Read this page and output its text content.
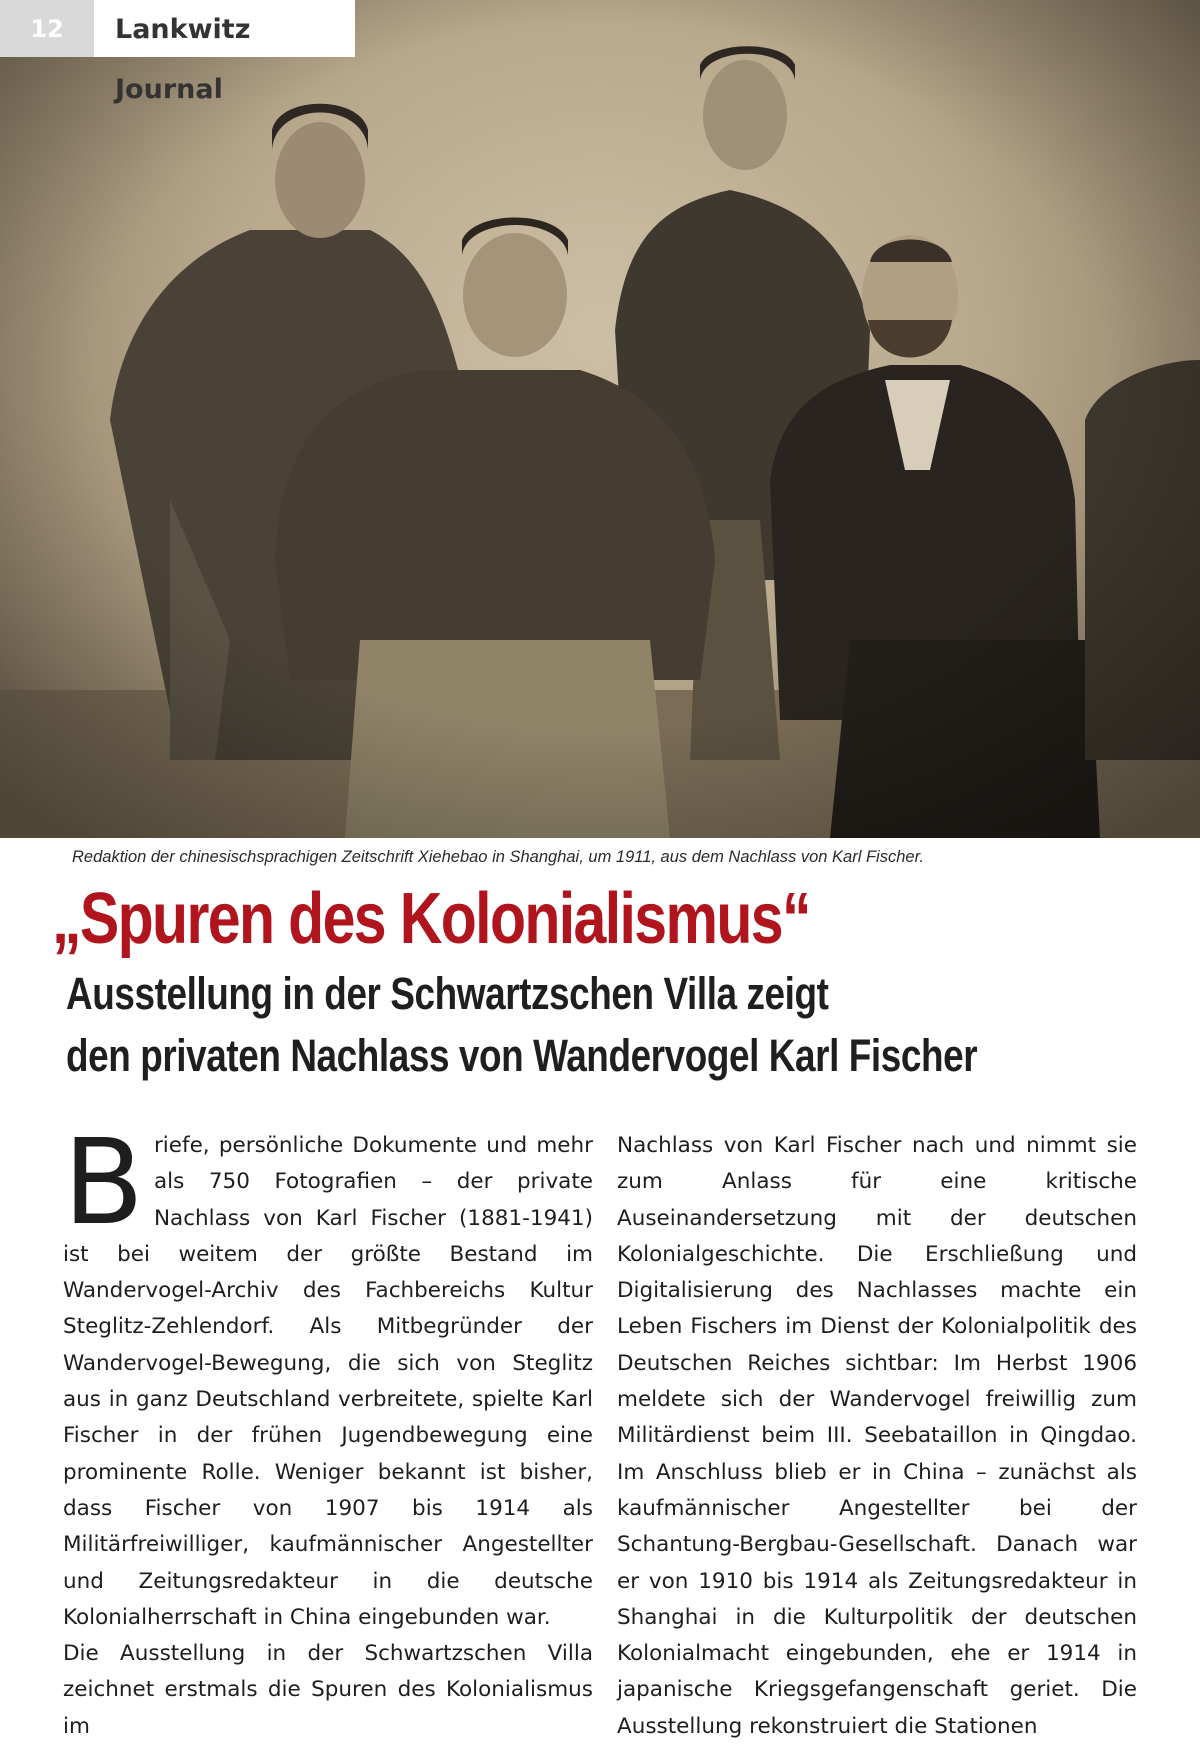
12	Lankwitz Journal
Redaktion der chinesischsprachigen Zeitschrift Xiehebao in Shanghai, um 1911, aus dem Nachlass von Karl Fischer.
„Spuren des Kolonialismus“
Ausstellung in der Schwartzschen Villa zeigt
den privaten Nachlass von Wandervogel Karl Fischer

Briefe, persönliche Dokumente und mehr als 750 Fotografien – der private Nachlass von Karl Fischer (1881-1941) ist bei weitem der größte Bestand im Wandervogel-Archiv des Fachbereichs Kultur Steglitz-Zehlendorf. Als Mitbegründer der Wandervogel-Bewegung, die sich von Steglitz aus in ganz Deutschland verbreitete, spielte Karl Fischer in der frühen Jugendbewegung eine prominente Rolle. Weniger bekannt ist bisher, dass Fischer von 1907 bis 1914 als Militärfreiwilliger, kaufmännischer Angestellter und Zeitungsredakteur in die deutsche Kolonialherrschaft in China eingebunden war.

Die Ausstellung in der Schwartzschen Villa zeichnet erstmals die Spuren des Kolonialismus im

Nachlass von Karl Fischer nach und nimmt sie zum Anlass für eine kritische Auseinandersetzung mit der deutschen Kolonialgeschichte. Die Erschließung und Digitalisierung des Nachlasses machte ein Leben Fischers im Dienst der Kolonialpolitik des Deutschen Reiches sichtbar: Im Herbst 1906 meldete sich der Wandervogel freiwillig zum Militärdienst beim III. Seebataillon in Qingdao. Im Anschluss blieb er in China – zunächst als kaufmännischer Angestellter bei der Schantung-Bergbau-Gesellschaft. Danach war er von 1910 bis 1914 als Zeitungsredakteur in Shanghai in die Kulturpolitik der deutschen Kolonialmacht eingebunden, ehe er 1914 in japanische Kriegsgefangenschaft geriet. Die Ausstellung rekonstruiert die Stationen
